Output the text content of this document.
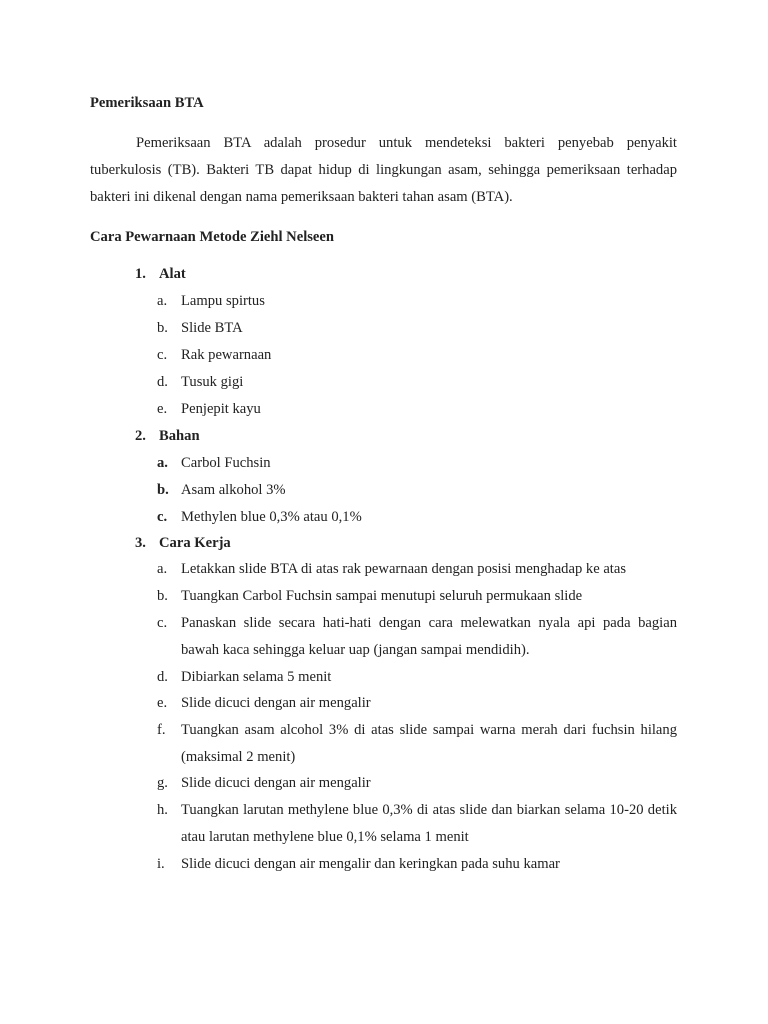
Pemeriksaan BTA
Pemeriksaan BTA adalah prosedur untuk mendeteksi bakteri penyebab penyakit tuberkulosis (TB). Bakteri TB dapat hidup di lingkungan asam, sehingga pemeriksaan terhadap bakteri ini dikenal dengan nama pemeriksaan bakteri tahan asam (BTA).
Cara Pewarnaan Metode Ziehl Nelseen
1. Alat
a. Lampu spirtus
b. Slide BTA
c. Rak pewarnaan
d. Tusuk gigi
e. Penjepit kayu
2. Bahan
a. Carbol Fuchsin
b. Asam alkohol 3%
c. Methylen blue 0,3% atau 0,1%
3. Cara Kerja
a. Letakkan slide BTA di atas rak pewarnaan dengan posisi menghadap ke atas
b. Tuangkan Carbol Fuchsin sampai menutupi seluruh permukaan slide
c. Panaskan slide secara hati-hati dengan cara melewatkan nyala api pada bagian bawah kaca sehingga keluar uap (jangan sampai mendidih).
d. Dibiarkan selama 5 menit
e. Slide dicuci dengan air mengalir
f.	Tuangkan asam alcohol 3% di atas slide sampai warna merah dari fuchsin hilang (maksimal 2 menit)
g. Slide dicuci dengan air mengalir
h. Tuangkan larutan methylene blue 0,3% di atas slide dan biarkan selama 10-20 detik atau larutan methylene blue 0,1% selama 1 menit
i.	Slide dicuci dengan air mengalir dan keringkan pada suhu kamar
